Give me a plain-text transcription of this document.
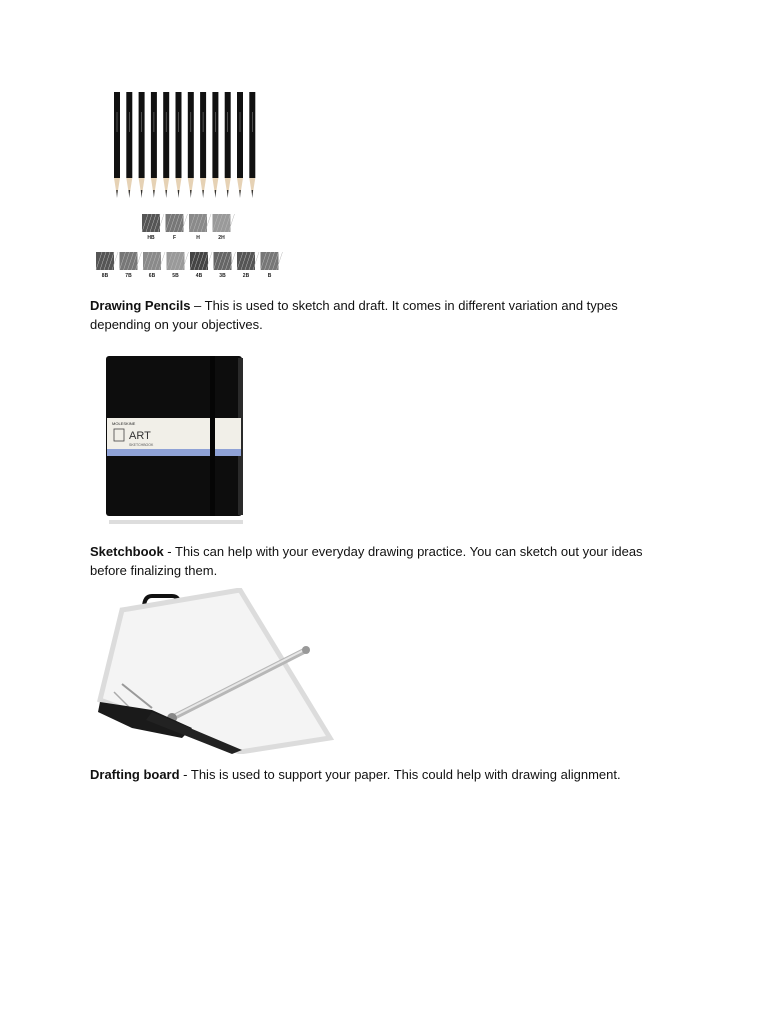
HB	F	H	2H
8B	7B	6B	5B	4B	3B	2B	B

Drawing Pencils – This is used to sketch and draft. It comes in different variation and types depending on your objectives.

MOLESKINE
ART
SKETCHBOOK

Sketchbook - This can help with your everyday drawing practice. You can sketch out your ideas before finalizing them.

Drafting board - This is used to support your paper. This could help with drawing alignment.
